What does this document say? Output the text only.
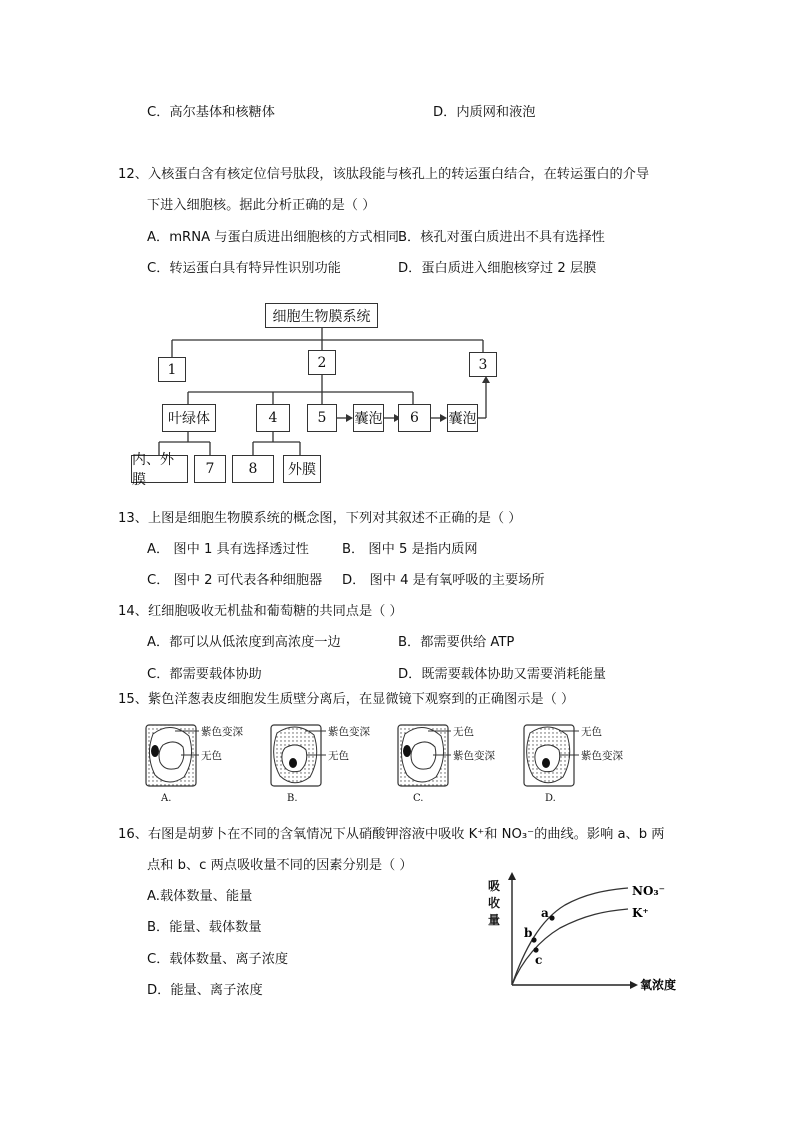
C．高尔基体和核糖体	D．内质网和液泡
12、入核蛋白含有核定位信号肽段，该肽段能与核孔上的转运蛋白结合，在转运蛋白的介导
下进入细胞核。据此分析正确的是（ ）
A．mRNA 与蛋白质进出细胞核的方式相同 B．核孔对蛋白质进出不具有选择性
C．转运蛋白具有特异性识别功能	D．蛋白质进入细胞核穿过 2 层膜
细胞生物膜系统
1	2	3
叶绿体	4	5	囊泡	6	囊泡
内、外膜
7	8	外膜
13、上图是细胞生物膜系统的概念图，下列对其叙述不正确的是（ ）
A． 图中 1 具有选择透过性	B． 图中 5 是指内质网
C． 图中 2 可代表各种细胞器 D． 图中 4 是有氧呼吸的主要场所
14、红细胞吸收无机盐和葡萄糖的共同点是（ ）
A．都可以从低浓度到高浓度一边	B．都需要供给 ATP
C．都需要载体协助	D．既需要载体协助又需要消耗能量
15、紫色洋葱表皮细胞发生质壁分离后，在显微镜下观察到的正确图示是（ ）
紫色变深
无色
紫色变深
无色
无色
紫色变深
无色
紫色变深
A.	B.	C.	D.
16、右图是胡萝卜在不同的含氧情况下从硝酸钾溶液中吸收 K⁺和 NO₃⁻的曲线。影响 a、b 两
点和 b、c 两点吸收量不同的因素分别是（ ）
A.载体数量、能量
B．能量、载体数量
C．载体数量、离子浓度
D．能量、离子浓度
a
b
c
NO₃⁻
K⁺
氧浓度
吸收量
